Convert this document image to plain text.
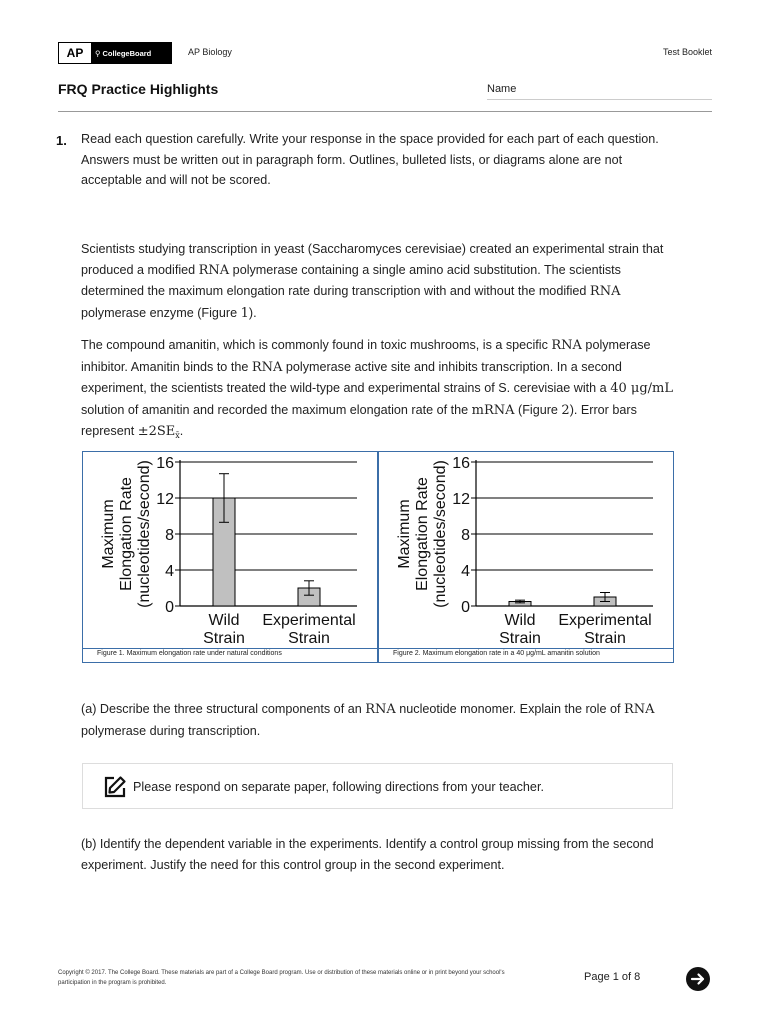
AP	⚲ CollegeBoard	AP Biology	Test Booklet
FRQ Practice Highlights	Name
1. Read each question carefully. Write your response in the space provided for each part of each question. Answers must be written out in paragraph form. Outlines, bulleted lists, or diagrams alone are not acceptable and will not be scored.
Scientists studying transcription in yeast (Saccharomyces cerevisiae) created an experimental strain that produced a modified RNA polymerase containing a single amino acid substitution. The scientists determined the maximum elongation rate during transcription with and without the modified RNA polymerase enzyme (Figure 1).
The compound amanitin, which is commonly found in toxic mushrooms, is a specific RNA polymerase inhibitor. Amanitin binds to the RNA polymerase active site and inhibits transcription. In a second experiment, the scientists treated the wild-type and experimental strains of S. cerevisiae with a 40 μg/mL solution of amanitin and recorded the maximum elongation rate of the mRNA (Figure 2). Error bars represent $\pm 2SE_{x̄}$.
0
4
8
12
16
Wild
Strain
Experimental
Strain
Maximum Elongation Rate (nucleotides/second)	0
4
8
12
16
Wild
Strain
Experimental
Strain
Maximum Elongation Rate (nucleotides/second)
Figure 1. Maximum elongation rate under natural conditions	Figure 2. Maximum elongation rate in a 40 μg/mL amanitin solution
(a) Describe the three structural components of an RNA nucleotide monomer. Explain the role of RNA polymerase during transcription.
Please respond on separate paper, following directions from your teacher.
(b) Identify the dependent variable in the experiments. Identify a control group missing from the second experiment. Justify the need for this control group in the second experiment.
Copyright © 2017. The College Board. These materials are part of a College Board program. Use or distribution of these materials online or in print beyond your school's participation in the program is prohibited.	Page 1 of 8
